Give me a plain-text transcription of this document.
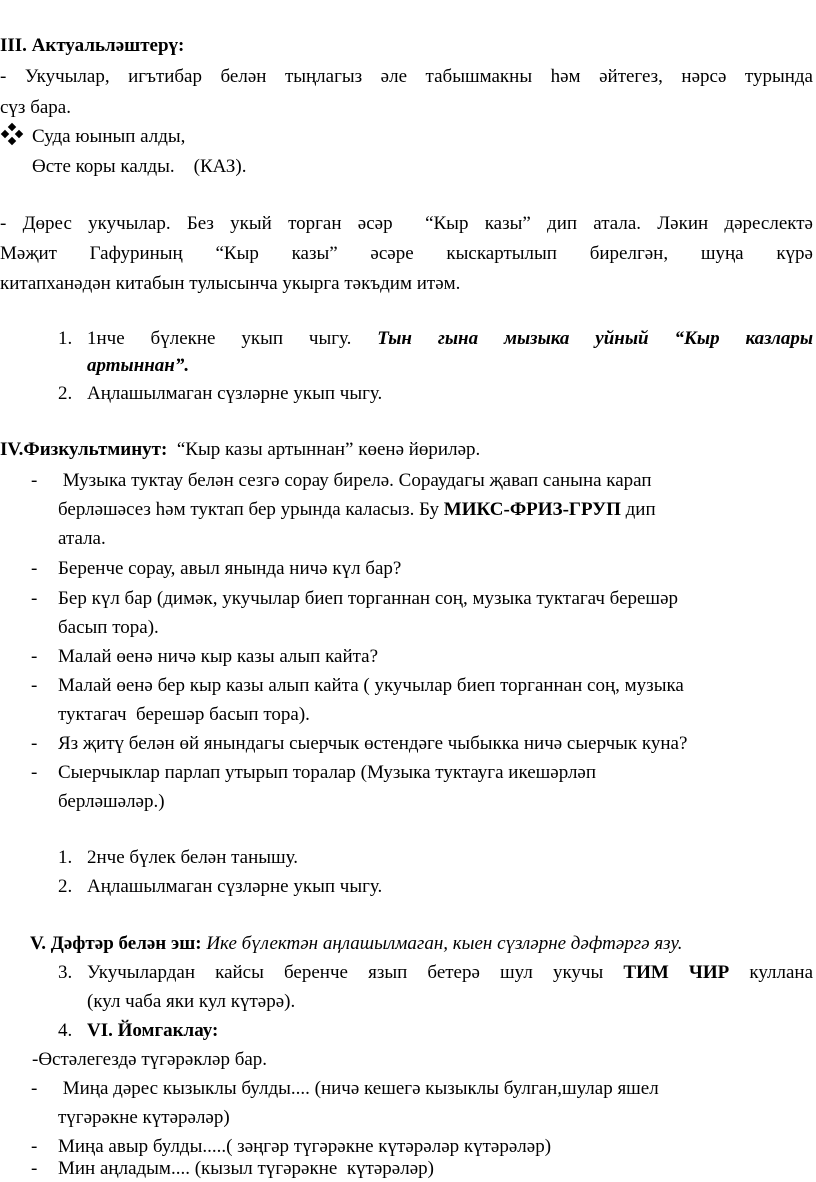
III. Актуальләштерү:
- Укучылар, игътибар белән тыңлагыз әле табышмакны һәм әйтегез, нәрсә турында
сүз бара.
Суда юынып алды,
Өсте коры калды.    (КАЗ).
- Дөрес укучылар. Без укый торган әсәр  “Кыр казы” дип атала. Ләкин дәреслектә
Мәҗит Гафуриның “Кыр казы” әсәре кыскартылып бирелгән, шуңа күрә
китапханәдән китабын тулысынча укырга тәкъдим итәм.
1. 1нче бүлекне укып чыгу. Тын гына мызыка уйный “Кыр казлары
артыннан”.
2. Аңлашылмаган сүзләрне укып чыгу.
IV.Физкультминут:  “Кыр казы артыннан” көенә йөриләр.
- Музыка туктау белән сезгә сорау бирелә. Сораудагы җавап санына карап
берләшәсез һәм туктап бер урында каласыз. Бу МИКС-ФРИЗ-ГРУП дип
атала.
- Беренче сорау, авыл янында ничә күл бар?
- Бер күл бар (димәк, укучылар биеп торганнан соң, музыка туктагач берешәр
басып тора).
- Малай өенә ничә кыр казы алып кайта?
- Малай өенә бер кыр казы алып кайта ( укучылар биеп торганнан соң, музыка
туктагач  берешәр басып тора).
- Яз җитү белән өй янындагы сыерчык өстендәге чыбыкка ничә сыерчык куна?
- Сыерчыклар парлап утырып торалар (Музыка туктауга икешәрләп
берләшәләр.)
1. 2нче бүлек белән танышу.
2. Аңлашылмаган сүзләрне укып чыгу.
V. Дәфтәр белән эш: Ике бүлектән аңлашылмаган, кыен сүзләрне дәфтәргә язу.
3. Укучылардан кайсы беренче язып бетерә шул укучы ТИМ ЧИР куллана
(кул чаба яки кул күтәрә).
4. VI. Йомгаклау:
-Өстәлегездә түгәрәкләр бар.
- Миңа дәрес кызыклы булды.... (ничә кешегә кызыклы булган,шулар яшел
түгәрәкне күтәрәләр)
- Миңа авыр булды.....( зәңгәр түгәрәкне күтәрәләр күтәрәләр)
- Мин аңладым.... (кызыл түгәрәкне  күтәрәләр)
